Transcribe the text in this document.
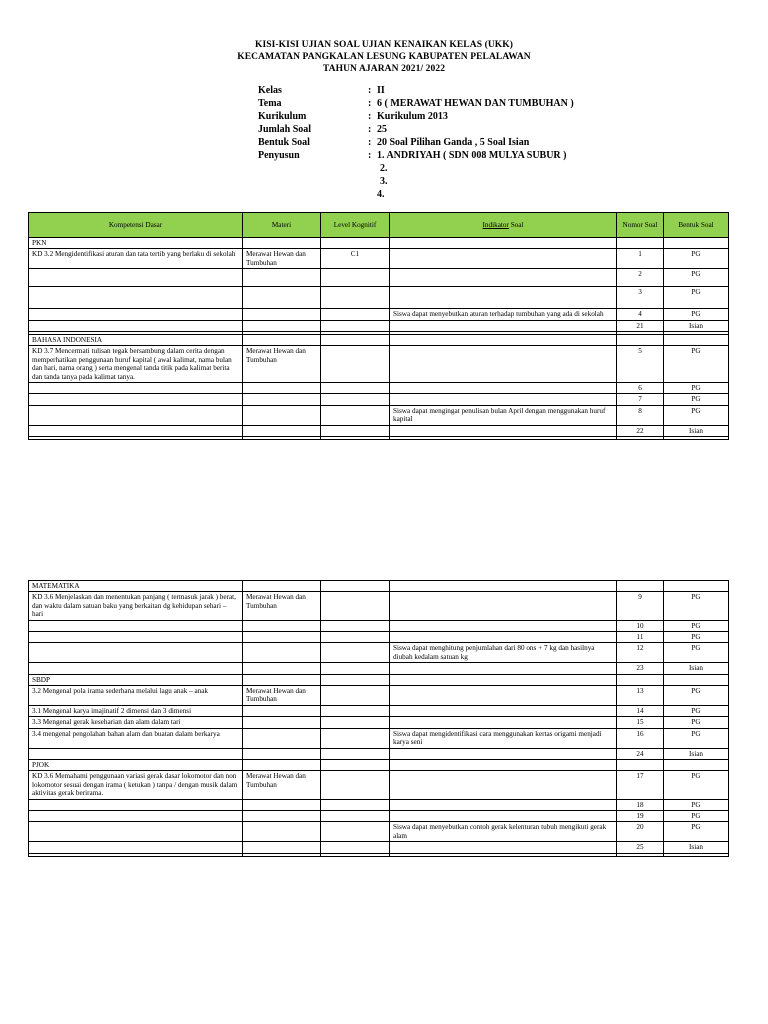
KISI-KISI UJIAN SOAL UJIAN KENAIKAN KELAS (UKK)
KECAMATAN PANGKALAN LESUNG KABUPATEN PELALAWAN
TAHUN AJARAN 2021/ 2022
Kelas	: II
Tema	: 6 ( MERAWAT HEWAN DAN TUMBUHAN )
Kurikulum	: Kurikulum 2013
Jumlah Soal	: 25
Bentuk Soal	: 20 Soal Pilihan Ganda , 5 Soal Isian
Penyusun	: 1. ANDRIYAH ( SDN 008 MULYA SUBUR )
2.
3.
4.
Kompetensi Dasar	Materi	Level Kognitif	Indikator Soal	Nomor Soal	Bentuk Soal
PKN					
KD 3.2 Mengidentifikasi aturan dan tata tertib yang berlaku di sekolah	Merawat Hewan dan Tumbuhan	C1		1	PG
				2	PG
				3	PG
			Siswa dapat menyebutkan aturan terhadap tumbuhan yang ada di sekolah	4	PG
				21	Isian

BAHASA INDONESIA					
KD 3.7 Mencermati tulisan tegak bersambung dalam cerita dengan memperhatikan penggunaan huruf kapital ( awal kalimat, nama bulan dan hari, nama orang ) serta mengenal tanda titik pada kalimat berita dan tanda tanya pada kalimat tanya.	Merawat Hewan dan Tumbuhan			5	PG
				6	PG
				7	PG
			Siswa dapat mengingat penulisan bulan April dengan menggunakan huruf kapital	8	PG
				22	Isian

MATEMATIKA					
KD 3.6 Menjelaskan dan menentukan panjang ( termasuk jarak ) berat, dan waktu dalam satuan baku yang berkaitan dg kehidupan sehari – hari	Merawat Hewan dan Tumbuhan			9	PG
				10	PG
				11	PG
			Siswa dapat menghitung penjumlahan dari 80 ons + 7 kg dan hasilnya diubah kedalam satuan kg	12	PG
				23	Isian
SBDP					
3.2 Mengenal pola irama sederhana melalui lagu anak – anak	Merawat Hewan dan Tumbuhan			13	PG
3.1 Mengenal karya imajinatif 2 dimensi dan 3 dimensi				14	PG
3.3 Mengenal gerak keseharian dan alam dalam tari				15	PG
3.4 mengenal pengolahan bahan alam dan buatan dalam berkarya			Siswa dapat mengidentifikasi cara menggunakan kertas origami menjadi karya seni	16	PG
				24	Isian
PJOK					
KD 3.6 Memahami penggunaan variasi gerak dasar lokomotor dan non lokomotor sesuai dengan irama ( ketukan ) tanpa / dengan musik dalam aktivitas gerak berirama.	Merawat Hewan dan Tumbuhan			17	PG
				18	PG
				19	PG
			Siswa dapat menyebutkan contoh gerak kelenturan tubuh mengikuti gerak alam	20	PG
				25	Isian
